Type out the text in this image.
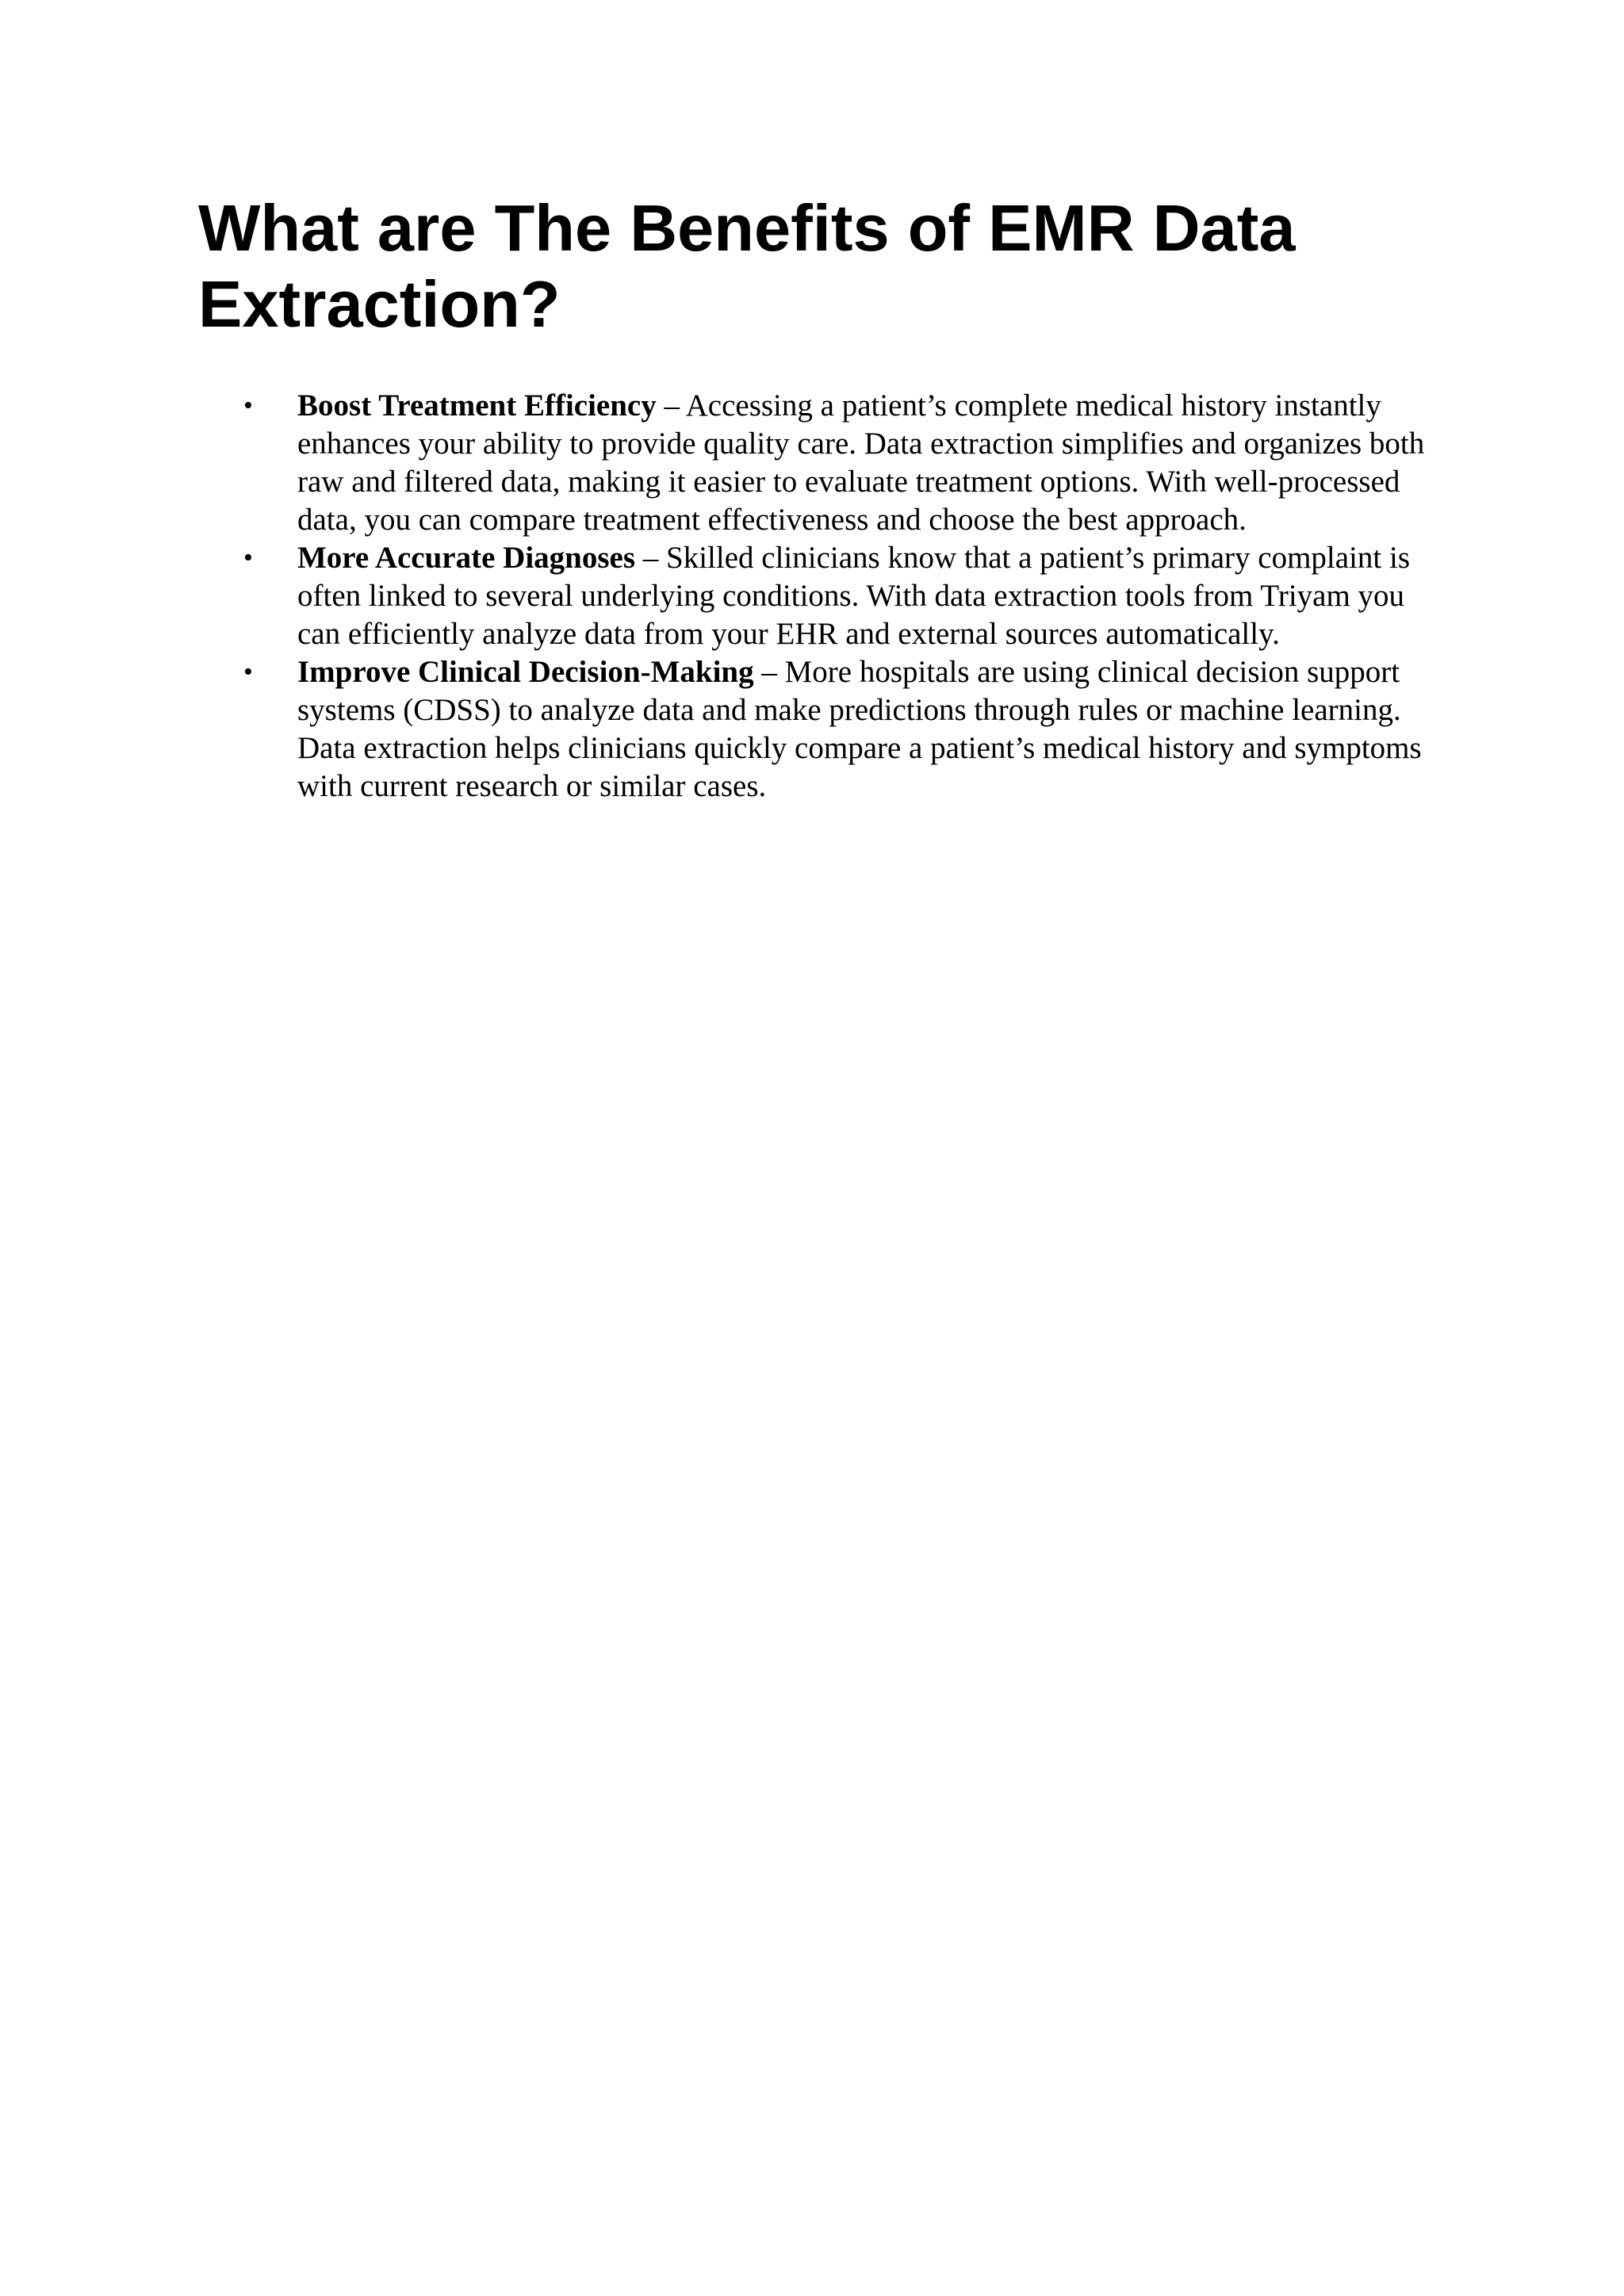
What are The Benefits of EMR Data Extraction?
• Boost Treatment Efficiency – Accessing a patient’s complete medical history instantly enhances your ability to provide quality care. Data extraction simplifies and organizes both raw and filtered data, making it easier to evaluate treatment options. With well-processed data, you can compare treatment effectiveness and choose the best approach.
• More Accurate Diagnoses – Skilled clinicians know that a patient’s primary complaint is often linked to several underlying conditions. With data extraction tools from Triyam you can efficiently analyze data from your EHR and external sources automatically.
• Improve Clinical Decision-Making – More hospitals are using clinical decision support systems (CDSS) to analyze data and make predictions through rules or machine learning. Data extraction helps clinicians quickly compare a patient’s medical history and symptoms with current research or similar cases.
